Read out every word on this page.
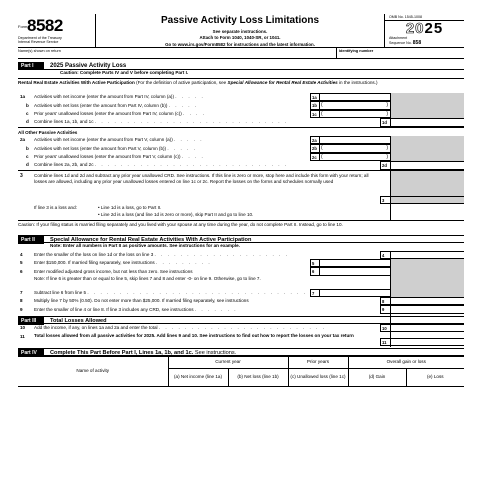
Form 8582
Department of the Treasury
Internal Revenue Service
Passive Activity Loss Limitations
See separate instructions.
Attach to Form 1040, 1040-SR, or 1041.
Go to www.irs.gov/Form8582 for instructions and the latest information.
OMB No. 1545-1008
2025
Attachment
Sequence No. 858
Name(s) shown on return	Identifying number
Part I	2025 Passive Activity Loss
Caution: Complete Parts IV and V before completing Part I.
Rental Real Estate Activities With Active Participation (For the definition of active participation, see Special Allowance for Rental Real Estate Activities in the instructions.)
1a	Activities with net income (enter the amount from Part IV, column (a)) . . . . .	1a
b	Activities with net loss (enter the amount from Part IV, column (b)) . . . . .	1b (	)
c	Prior years' unallowed losses (enter the amount from Part IV, column (c)) . . . .	1c (	)
d	Combine lines 1a, 1b, and 1c . . . . . . . . . . . . . . . . . . . . . . . . . . . . . .	1d
All Other Passive Activities
2a	Activities with net income (enter the amount from Part V, column (a)) . . . . .	2a
b	Activities with net loss (enter the amount from Part V, column (b)) . . . . .	2b (	)
c	Prior years' unallowed losses (enter the amount from Part V, column (c)) . . . .	2c (	)
d	Combine lines 2a, 2b, and 2c . . . . . . . . . . . . . . . . . . . . . . . . . . . . . .	2d
3 Combine lines 1d and 2d and subtract any prior year unallowed CRD. See instructions. If this line is zero or more, stop here and include this form with your return; all losses are allowed, including any prior year unallowed losses entered on line 1c or 2c. Report the losses on the forms and schedules normally used
3
If line 3 is a loss and:	• Line 1d is a loss, go to Part II.
• Line 2d is a loss (and line 1d is zero or more), skip Part II and go to line 10.
Caution: If your filing status is married filing separately and you lived with your spouse at any time during the year, do not complete Part II. Instead, go to line 10.
Part II	Special Allowance for Rental Real Estate Activities With Active Participation
Note: Enter all numbers in Part II as positive amounts. See instructions for an example.
4	Enter the smaller of the loss on line 1d or the loss on line 3 . . . . . . . . . . . . . . . . . . . . .	4
5	Enter $150,000. If married filing separately, see instructions . . . . . . . . .	5
6	Enter modified adjusted gross income, but not less than zero. See instructions	6
Note: If line 6 is greater than or equal to line 5, skip lines 7 and 8 and enter -0- on line 9. Otherwise, go to line 7.
7	Subtract line 6 from line 5 . . . . . . . . . . . . . . . . . . . . . . . . . . . . . . . . . .	7
8	Multiply line 7 by 50% (0.50). Do not enter more than $25,000. If married filing separately, see instructions	8
9	Enter the smaller of line 4 or line 8. If line 3 includes any CRD, see instructions . . . . . . .	9
Part III	Total Losses Allowed
10	Add the income, if any, on lines 1a and 2a and enter the total . . . . . . . . . . . . . . . . . . . . . . . . . .	10
11 Total losses allowed from all passive activities for 2025. Add lines 9 and 10. See instructions to find out how to report the losses on your tax return
11
Part IV	Complete This Part Before Part I, Lines 1a, 1b, and 1c. See instructions.
Name of activity	Current year		Prior years	Overall gain or loss	
	(a) Net income (line 1a)	(b) Net loss (line 1b)	(c) Unallowed loss (line 1c)	(d) Gain	(e) Loss
